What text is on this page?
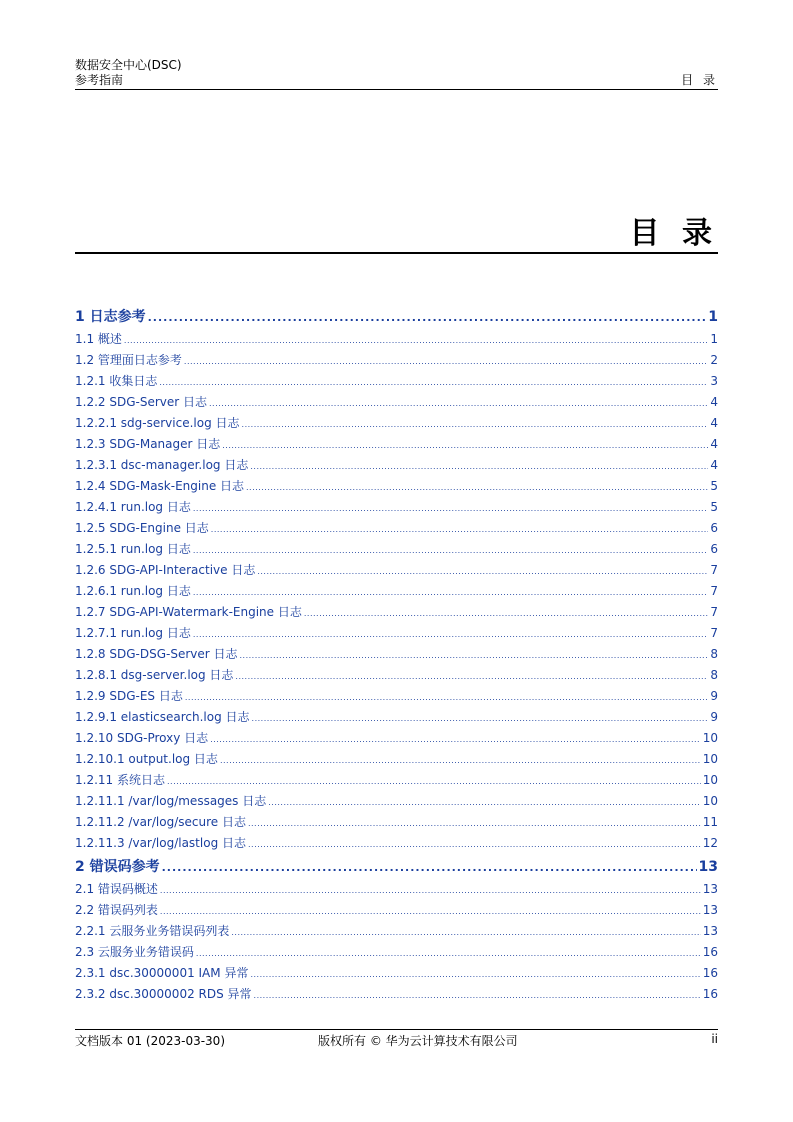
数据安全中心(DSC)
参考指南	目 录
目 录
1 日志参考 .....	1
1.1 概述 .....	1
1.2 管理面日志参考 .....	2
1.2.1 收集日志 .....	3
1.2.2 SDG-Server 日志 .....	4
1.2.2.1 sdg-service.log 日志 .....	4
1.2.3 SDG-Manager 日志 .....	4
1.2.3.1 dsc-manager.log 日志 .....	4
1.2.4 SDG-Mask-Engine 日志 .....	5
1.2.4.1 run.log 日志 .....	5
1.2.5 SDG-Engine 日志 .....	6
1.2.5.1 run.log 日志 .....	6
1.2.6 SDG-API-Interactive 日志 .....	7
1.2.6.1 run.log 日志 .....	7
1.2.7 SDG-API-Watermark-Engine 日志 .....	7
1.2.7.1 run.log 日志 .....	7
1.2.8 SDG-DSG-Server 日志 .....	8
1.2.8.1 dsg-server.log 日志 .....	8
1.2.9 SDG-ES 日志 .....	9
1.2.9.1 elasticsearch.log 日志 .....	9
1.2.10 SDG-Proxy 日志 .....	10
1.2.10.1 output.log 日志 .....	10
1.2.11 系统日志 .....	10
1.2.11.1 /var/log/messages 日志 .....	10
1.2.11.2 /var/log/secure 日志 .....	11
1.2.11.3 /var/log/lastlog 日志 .....	12
2 错误码参考 .....	13
2.1 错误码概述 .....	13
2.2 错误码列表 .....	13
2.2.1 云服务业务错误码列表 .....	13
2.3 云服务业务错误码 .....	16
2.3.1 dsc.30000001 IAM 异常 .....	16
2.3.2 dsc.30000002 RDS 异常 .....	16
文档版本 01 (2023-03-30)	版权所有 © 华为云计算技术有限公司	ii
